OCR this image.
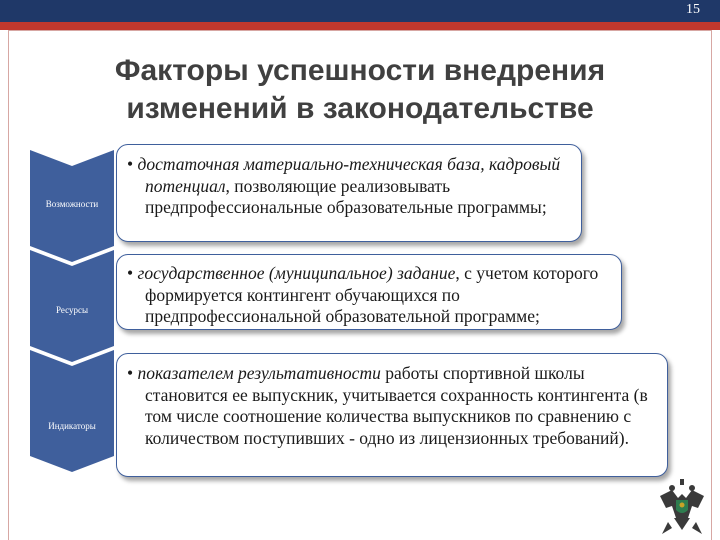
15
Факторы успешности внедрения
изменений в законодательстве
Возможности
Ресурсы
Индикаторы

• достаточная материально-техническая база, кадровый потенциал, позволяющие реализовывать предпрофессиональные образовательные программы;

• государственное (муниципальное) задание, с учетом которого формируется контингент обучающихся по предпрофессиональной образовательной программе;

• показателем результативности работы спортивной школы становится ее выпускник, учитывается сохранность контингента (в том числе соотношение количества выпускников по сравнению с количеством поступивших - одно из лицензионных требований).
